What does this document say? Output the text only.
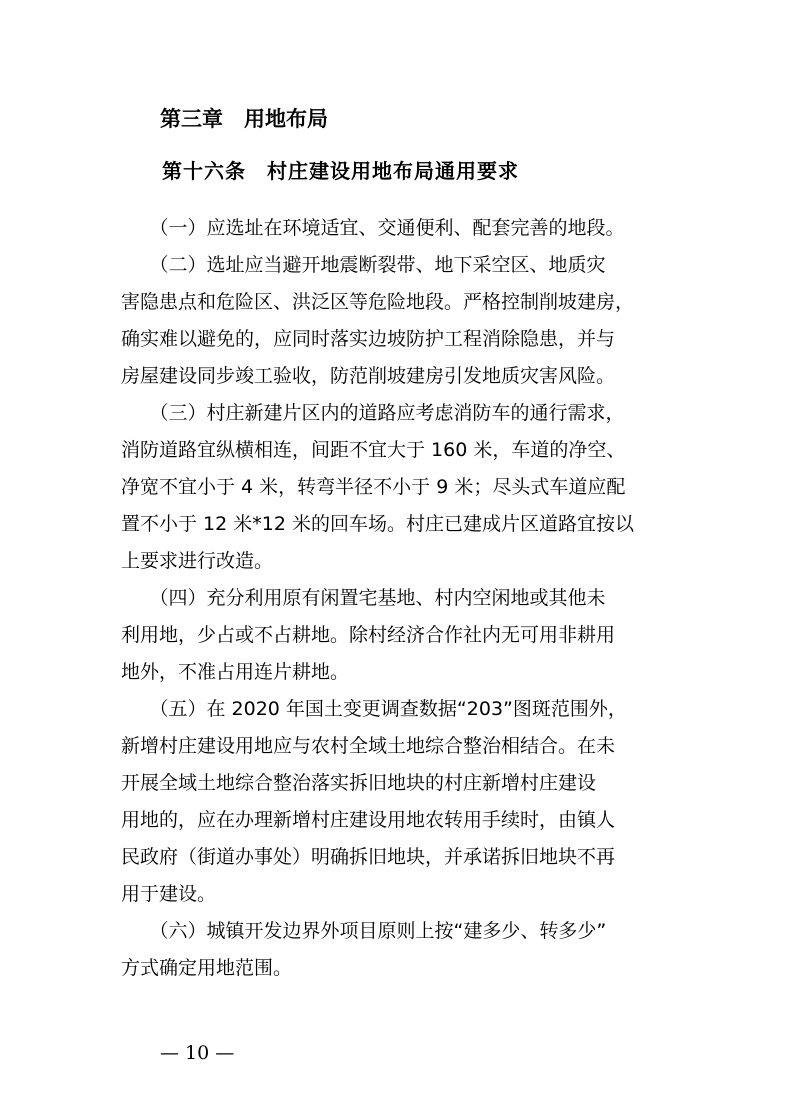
第三章　用地布局
第十六条　村庄建设用地布局通用要求
　　（一）应选址在环境适宜、交通便利、配套完善的地段。
　　（二）选址应当避开地震断裂带、地下采空区、地质灾
害隐患点和危险区、洪泛区等危险地段。严格控制削坡建房，
确实难以避免的，应同时落实边坡防护工程消除隐患，并与
房屋建设同步竣工验收，防范削坡建房引发地质灾害风险。
　　（三）村庄新建片区内的道路应考虑消防车的通行需求，
消防道路宜纵横相连，间距不宜大于 160 米，车道的净空、
净宽不宜小于 4 米，转弯半径不小于 9 米；尽头式车道应配
置不小于 12 米*12 米的回车场。村庄已建成片区道路宜按以
上要求进行改造。
　　（四）充分利用原有闲置宅基地、村内空闲地或其他未
利用地，少占或不占耕地。除村经济合作社内无可用非耕用
地外，不准占用连片耕地。
　　（五）在 2020 年国土变更调查数据“203”图斑范围外，
新增村庄建设用地应与农村全域土地综合整治相结合。在未
开展全域土地综合整治落实拆旧地块的村庄新增村庄建设
用地的，应在办理新增村庄建设用地农转用手续时，由镇人
民政府（街道办事处）明确拆旧地块，并承诺拆旧地块不再
用于建设。
　　（六）城镇开发边界外项目原则上按“建多少、转多少”
方式确定用地范围。
— 10 —
